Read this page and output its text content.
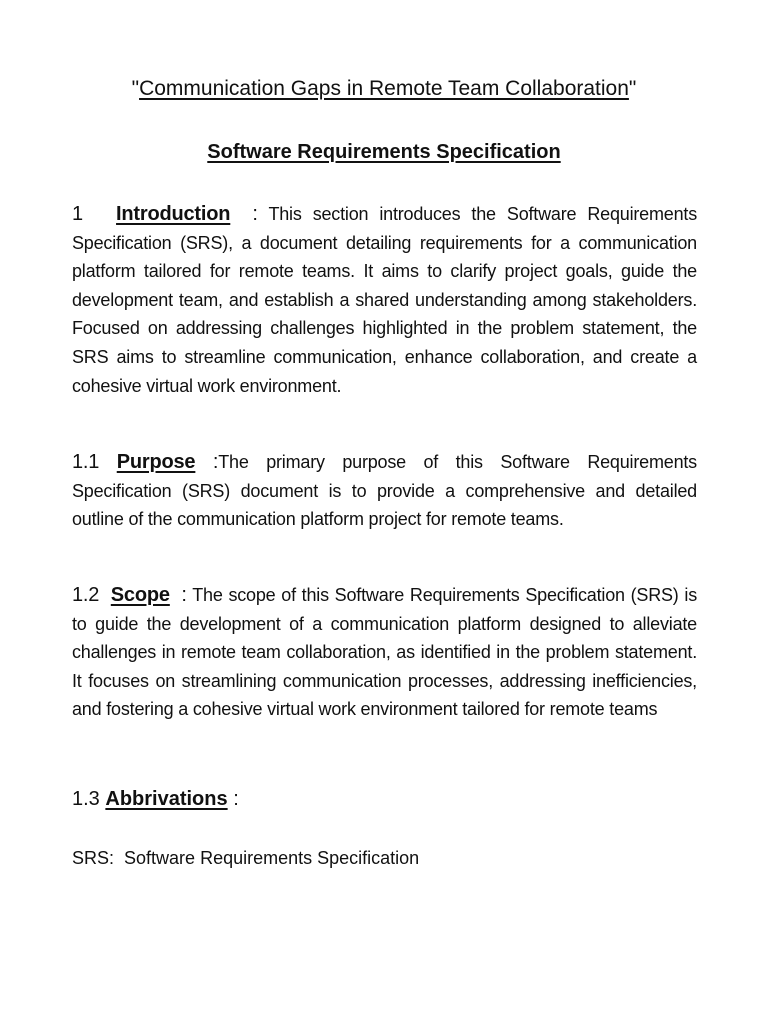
"Communication Gaps in Remote Team Collaboration"
Software Requirements Specification

1 Introduction : This section introduces the Software Requirements Specification (SRS), a document detailing requirements for a communication platform tailored for remote teams. It aims to clarify project goals, guide the development team, and establish a shared understanding among stakeholders. Focused on addressing challenges highlighted in the problem statement, the SRS aims to streamline communication, enhance collaboration, and create a cohesive virtual work environment.

1.1 Purpose :The primary purpose of this Software Requirements Specification (SRS) document is to provide a comprehensive and detailed outline of the communication platform project for remote teams.

1.2 Scope : The scope of this Software Requirements Specification (SRS) is to guide the development of a communication platform designed to alleviate challenges in remote team collaboration, as identified in the problem statement. It focuses on streamlining communication processes, addressing inefficiencies, and fostering a cohesive virtual work environment tailored for remote teams

1.3 Abbrivations :

SRS: Software Requirements Specification
